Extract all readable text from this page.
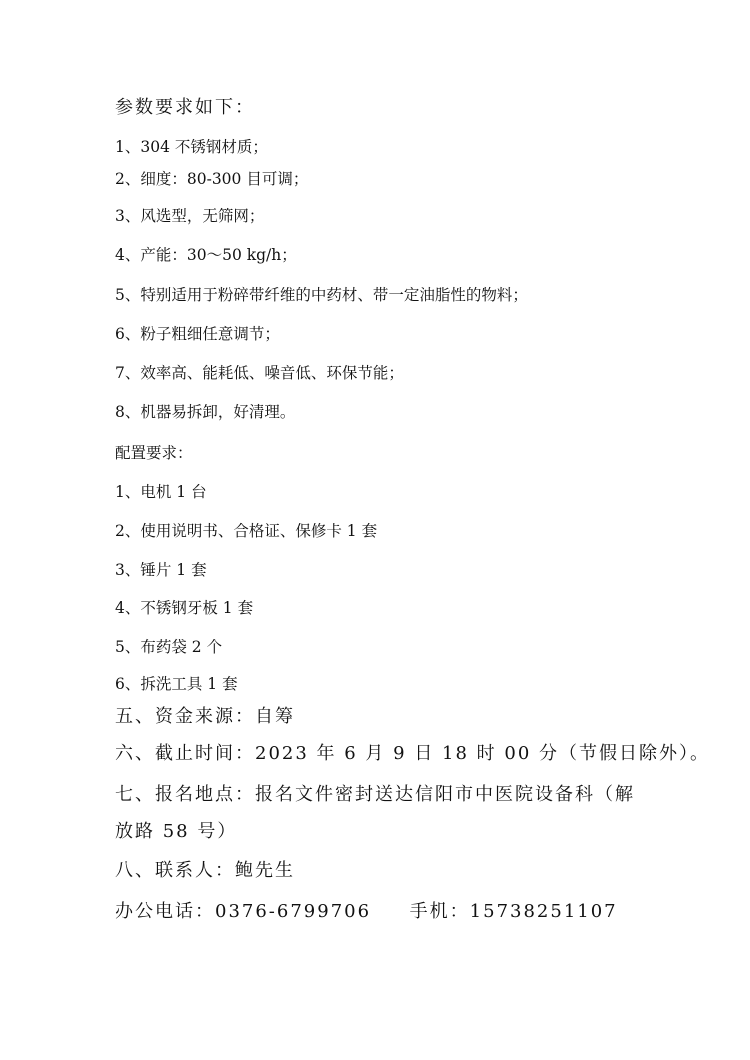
参数要求如下：
1、304 不锈钢材质；
2、细度：80-300 目可调；
3、风选型，无筛网；
4、产能：30～50 kg/h；
5、特别适用于粉碎带纤维的中药材、带一定油脂性的物料；
6、粉子粗细任意调节；
7、效率高、能耗低、噪音低、环保节能；
8、机器易拆卸，好清理。
配置要求：
1、电机 1 台
2、使用说明书、合格证、保修卡 1 套
3、锤片 1 套
4、不锈钢牙板 1 套
5、布药袋 2 个
6、拆洗工具 1 套
五、资金来源：自筹
六、截止时间：2023 年 6 月 9 日 18 时 00 分（节假日除外）。
七、报名地点：报名文件密封送达信阳市中医院设备科（解
放路 58 号）
八、联系人：鲍先生
办公电话：0376-6799706     手机：15738251107
